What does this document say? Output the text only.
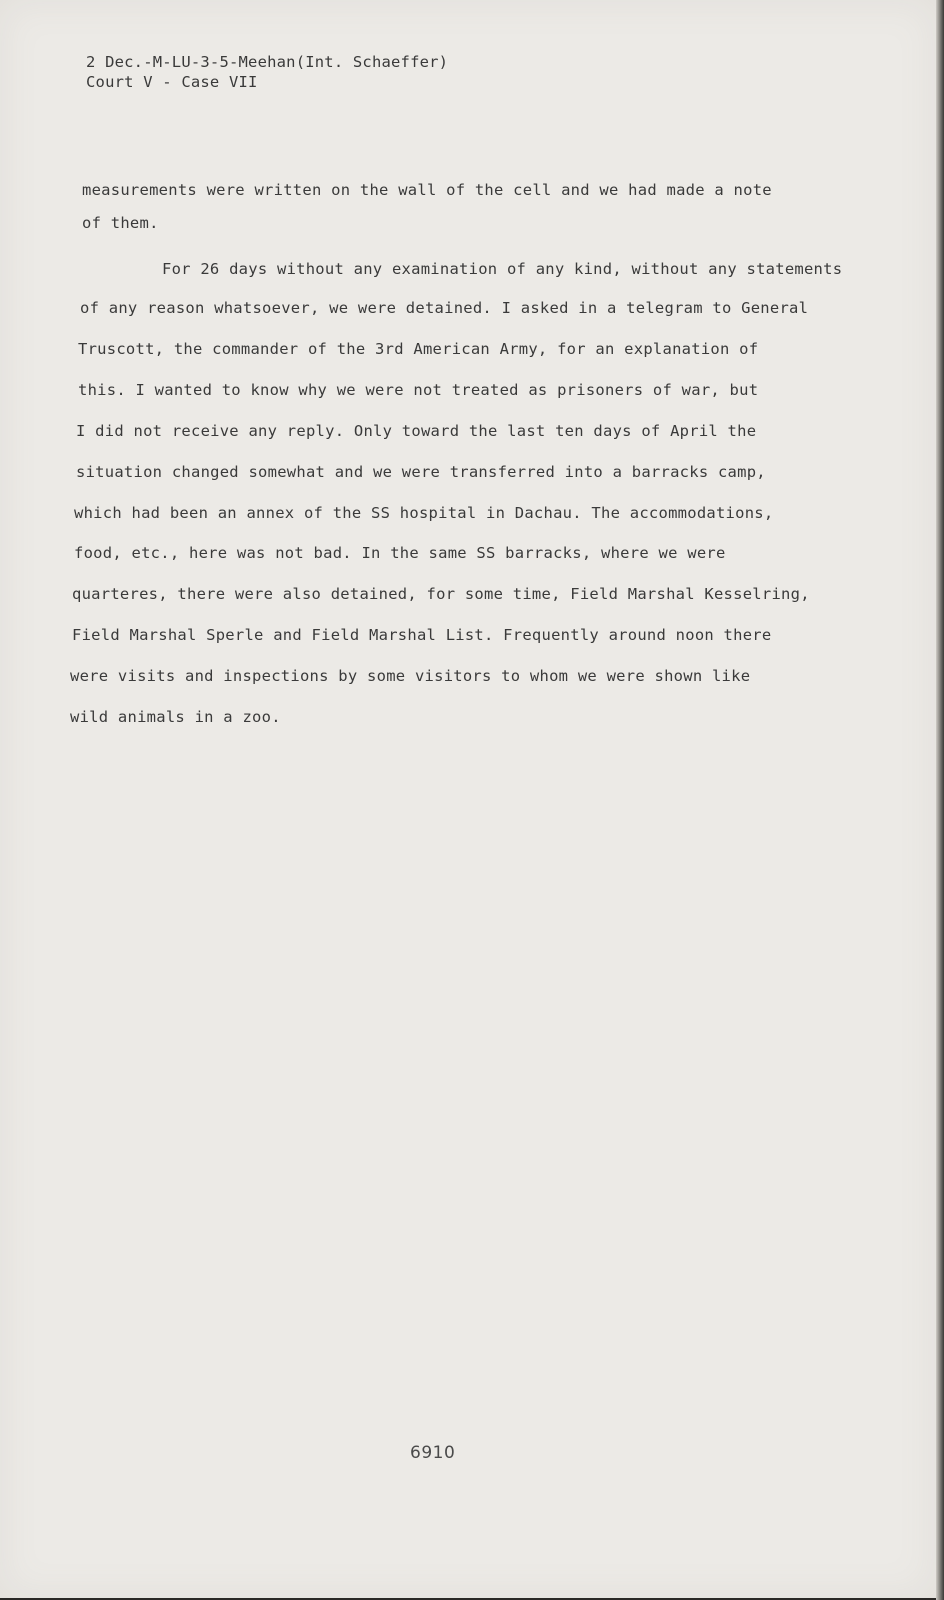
2 Dec.-M-LU-3-5-Meehan(Int. Schaeffer)
Court V - Case VII
measurements were written on the wall of the cell and we had made a note
of them.
For 26 days without any examination of any kind, without any statements
of any reason whatsoever, we were detained. I asked in a telegram to General
Truscott, the commander of the 3rd American Army, for an explanation of
this. I wanted to know why we were not treated as prisoners of war, but
I did not receive any reply. Only toward the last ten days of April the
situation changed somewhat and we were transferred into a barracks camp,
which had been an annex of the SS hospital in Dachau. The accommodations,
food, etc., here was not bad. In the same SS barracks, where we were
quarteres, there were also detained, for some time, Field Marshal Kesselring,
Field Marshal Sperle and Field Marshal List. Frequently around noon there
were visits and inspections by some visitors to whom we were shown like
wild animals in a zoo.
6910
